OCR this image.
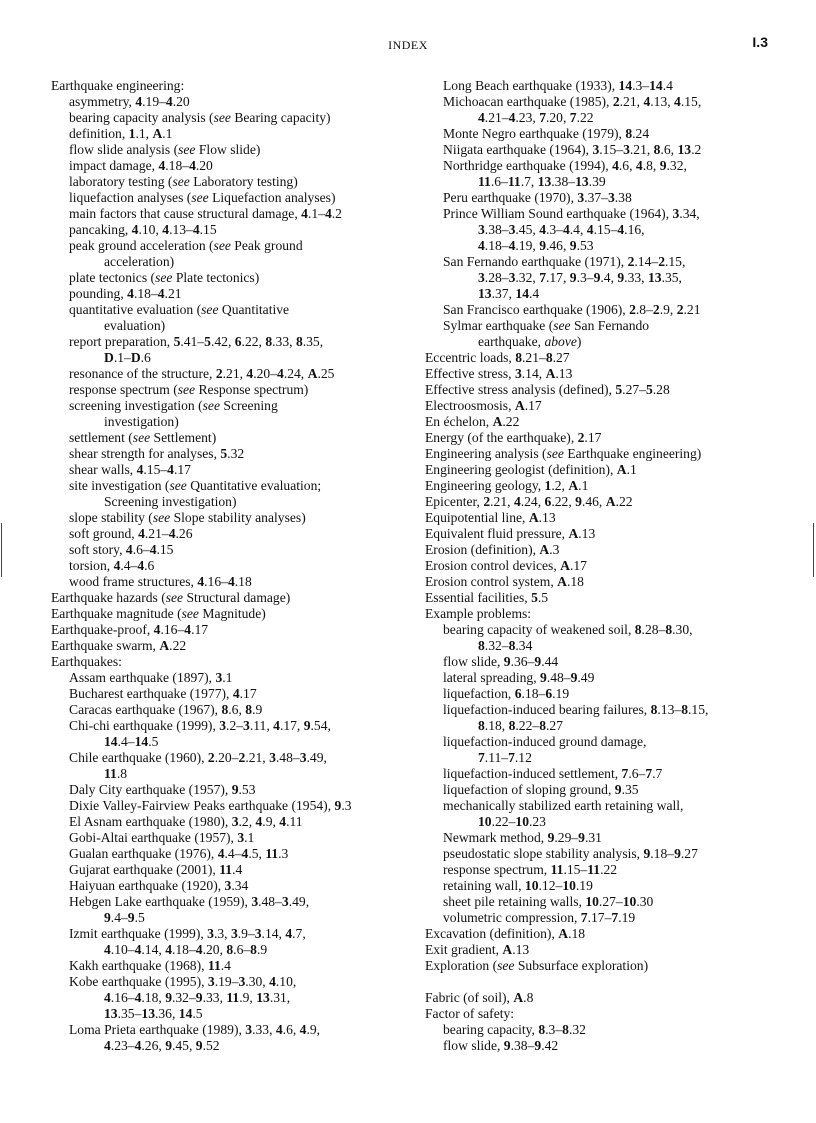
INDEX	I.3
Earthquake engineering:
asymmetry, 4.19–4.20
bearing capacity analysis (see Bearing capacity)
definition, 1.1, A.1
flow slide analysis (see Flow slide)
impact damage, 4.18–4.20
laboratory testing (see Laboratory testing)
liquefaction analyses (see Liquefaction analyses)
main factors that cause structural damage, 4.1–4.2
pancaking, 4.10, 4.13–4.15
peak ground acceleration (see Peak ground
acceleration)
plate tectonics (see Plate tectonics)
pounding, 4.18–4.21
quantitative evaluation (see Quantitative
evaluation)
report preparation, 5.41–5.42, 6.22, 8.33, 8.35,
D.1–D.6
resonance of the structure, 2.21, 4.20–4.24, A.25
response spectrum (see Response spectrum)
screening investigation (see Screening
investigation)
settlement (see Settlement)
shear strength for analyses, 5.32
shear walls, 4.15–4.17
site investigation (see Quantitative evaluation;
Screening investigation)
slope stability (see Slope stability analyses)
soft ground, 4.21–4.26
soft story, 4.6–4.15
torsion, 4.4–4.6
wood frame structures, 4.16–4.18
Earthquake hazards (see Structural damage)
Earthquake magnitude (see Magnitude)
Earthquake-proof, 4.16–4.17
Earthquake swarm, A.22
Earthquakes:
Assam earthquake (1897), 3.1
Bucharest earthquake (1977), 4.17
Caracas earthquake (1967), 8.6, 8.9
Chi-chi earthquake (1999), 3.2–3.11, 4.17, 9.54,
14.4–14.5
Chile earthquake (1960), 2.20–2.21, 3.48–3.49,
11.8
Daly City earthquake (1957), 9.53
Dixie Valley-Fairview Peaks earthquake (1954), 9.3
El Asnam earthquake (1980), 3.2, 4.9, 4.11
Gobi-Altai earthquake (1957), 3.1
Gualan earthquake (1976), 4.4–4.5, 11.3
Gujarat earthquake (2001), 11.4
Haiyuan earthquake (1920), 3.34
Hebgen Lake earthquake (1959), 3.48–3.49,
9.4–9.5
Izmit earthquake (1999), 3.3, 3.9–3.14, 4.7,
4.10–4.14, 4.18–4.20, 8.6–8.9
Kakh earthquake (1968), 11.4
Kobe earthquake (1995), 3.19–3.30, 4.10,
4.16–4.18, 9.32–9.33, 11.9, 13.31,
13.35–13.36, 14.5
Loma Prieta earthquake (1989), 3.33, 4.6, 4.9,
4.23–4.26, 9.45, 9.52
Long Beach earthquake (1933), 14.3–14.4
Michoacan earthquake (1985), 2.21, 4.13, 4.15,
4.21–4.23, 7.20, 7.22
Monte Negro earthquake (1979), 8.24
Niigata earthquake (1964), 3.15–3.21, 8.6, 13.2
Northridge earthquake (1994), 4.6, 4.8, 9.32,
11.6–11.7, 13.38–13.39
Peru earthquake (1970), 3.37–3.38
Prince William Sound earthquake (1964), 3.34,
3.38–3.45, 4.3–4.4, 4.15–4.16,
4.18–4.19, 9.46, 9.53
San Fernando earthquake (1971), 2.14–2.15,
3.28–3.32, 7.17, 9.3–9.4, 9.33, 13.35,
13.37, 14.4
San Francisco earthquake (1906), 2.8–2.9, 2.21
Sylmar earthquake (see San Fernando
earthquake, above)
Eccentric loads, 8.21–8.27
Effective stress, 3.14, A.13
Effective stress analysis (defined), 5.27–5.28
Electroosmosis, A.17
En échelon, A.22
Energy (of the earthquake), 2.17
Engineering analysis (see Earthquake engineering)
Engineering geologist (definition), A.1
Engineering geology, 1.2, A.1
Epicenter, 2.21, 4.24, 6.22, 9.46, A.22
Equipotential line, A.13
Equivalent fluid pressure, A.13
Erosion (definition), A.3
Erosion control devices, A.17
Erosion control system, A.18
Essential facilities, 5.5
Example problems:
bearing capacity of weakened soil, 8.28–8.30,
8.32–8.34
flow slide, 9.36–9.44
lateral spreading, 9.48–9.49
liquefaction, 6.18–6.19
liquefaction-induced bearing failures, 8.13–8.15,
8.18, 8.22–8.27
liquefaction-induced ground damage,
7.11–7.12
liquefaction-induced settlement, 7.6–7.7
liquefaction of sloping ground, 9.35
mechanically stabilized earth retaining wall,
10.22–10.23
Newmark method, 9.29–9.31
pseudostatic slope stability analysis, 9.18–9.27
response spectrum, 11.15–11.22
retaining wall, 10.12–10.19
sheet pile retaining walls, 10.27–10.30
volumetric compression, 7.17–7.19
Excavation (definition), A.18
Exit gradient, A.13
Exploration (see Subsurface exploration)

Fabric (of soil), A.8
Factor of safety:
bearing capacity, 8.3–8.32
flow slide, 9.38–9.42
